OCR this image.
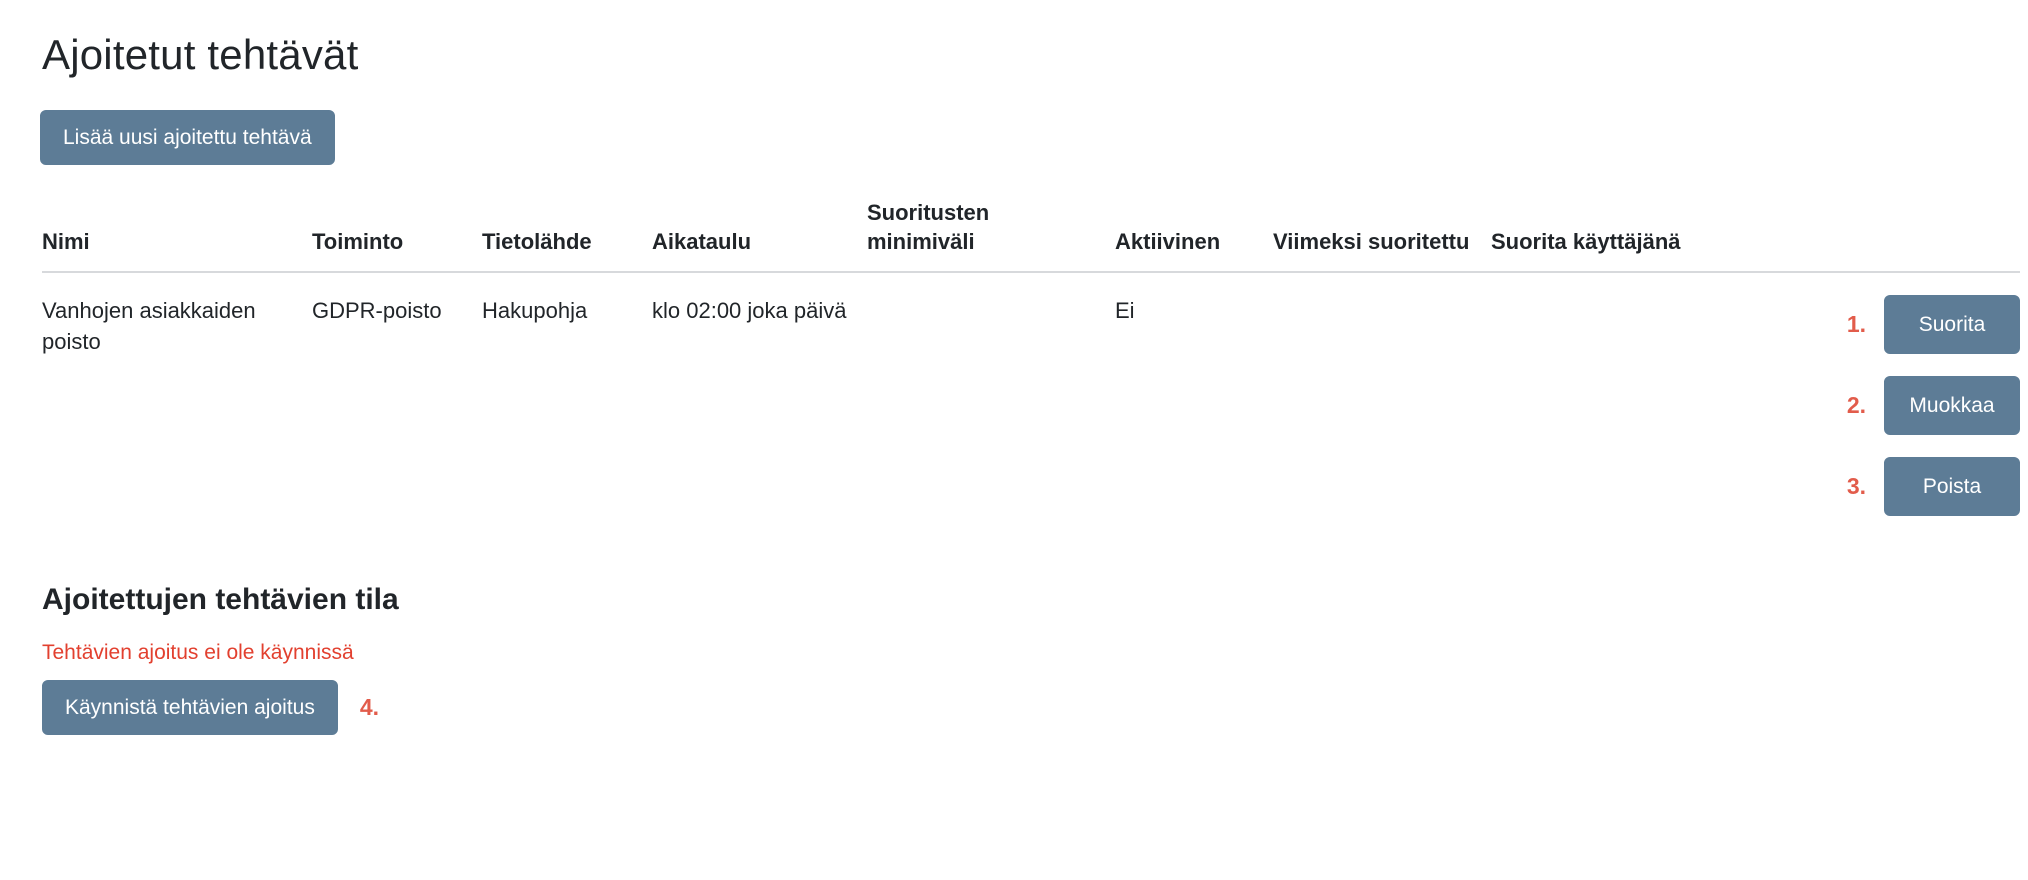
Ajoitetut tehtävät
Lisää uusi ajoitettu tehtävä
Nimi	Toiminto	Tietolähde	Aikataulu	Suoritusten minimiväli	Aktiivinen	Viimeksi suoritettu	Suorita käyttäjänä	
Vanhojen asiakkaiden poisto	GDPR-poisto	Hakupohja	klo 02:00 joka päivä		Ei			
1.	Suorita
2.	Muokkaa
3.	Poista
Ajoitettujen tehtävien tila
Tehtävien ajoitus ei ole käynnissä
Käynnistä tehtävien ajoitus	4.
